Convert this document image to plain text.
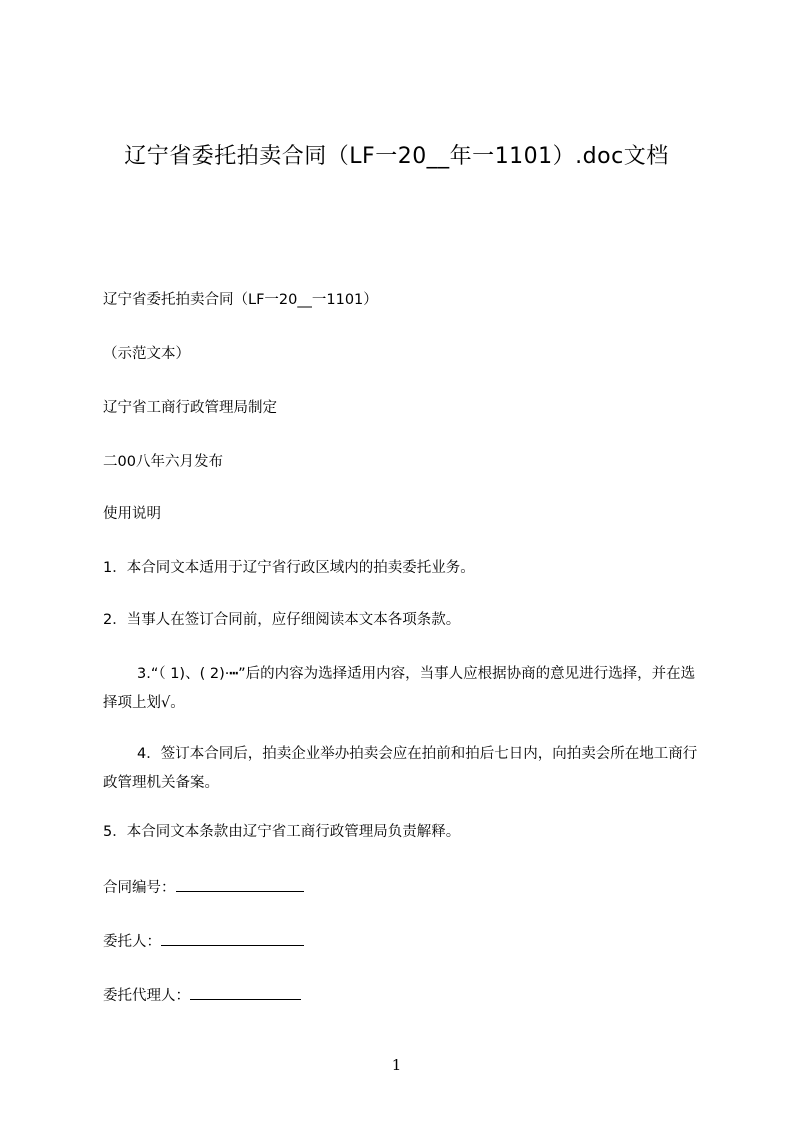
辽宁省委托拍卖合同（LF一20__年一1101）.doc文档
辽宁省委托拍卖合同（LF一20__一1101）
（示范文本）
辽宁省工商行政管理局制定
二00八年六月发布
使用说明
1．本合同文本适用于辽宁省行政区域内的拍卖委托业务。
2．当事人在签订合同前，应仔细阅读本文本各项条款。
3.“（ 1)、( 2)·┅”后的内容为选择适用内容，当事人应根据协商的意见进行选择，并在选择项上划√。
4．签订本合同后，拍卖企业举办拍卖会应在拍前和拍后七日内，向拍卖会所在地工商行政管理机关备案。
5．本合同文本条款由辽宁省工商行政管理局负责解释。
合同编号：
委托人：
委托代理人：
1
